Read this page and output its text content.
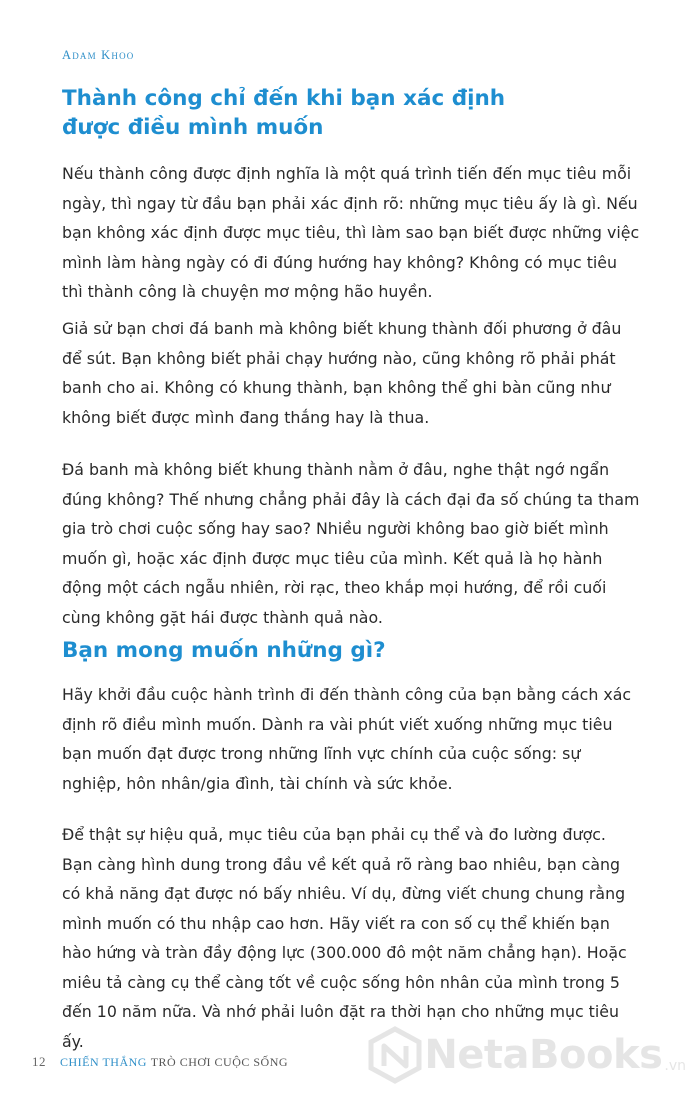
Adam Khoo
Thành công chỉ đến khi bạn xác định được điều mình muốn

Nếu thành công được định nghĩa là một quá trình tiến đến mục tiêu mỗi ngày, thì ngay từ đầu bạn phải xác định rõ: những mục tiêu ấy là gì. Nếu bạn không xác định được mục tiêu, thì làm sao bạn biết được những việc mình làm hàng ngày có đi đúng hướng hay không? Không có mục tiêu thì thành công là chuyện mơ mộng hão huyền.

Giả sử bạn chơi đá banh mà không biết khung thành đối phương ở đâu để sút. Bạn không biết phải chạy hướng nào, cũng không rõ phải phát banh cho ai. Không có khung thành, bạn không thể ghi bàn cũng như không biết được mình đang thắng hay là thua.

Đá banh mà không biết khung thành nằm ở đâu, nghe thật ngớ ngẩn đúng không? Thế nhưng chẳng phải đây là cách đại đa số chúng ta tham gia trò chơi cuộc sống hay sao? Nhiều người không bao giờ biết mình muốn gì, hoặc xác định được mục tiêu của mình. Kết quả là họ hành động một cách ngẫu nhiên, rời rạc, theo khắp mọi hướng, để rồi cuối cùng không gặt hái được thành quả nào.

Bạn mong muốn những gì?

Hãy khởi đầu cuộc hành trình đi đến thành công của bạn bằng cách xác định rõ điều mình muốn. Dành ra vài phút viết xuống những mục tiêu bạn muốn đạt được trong những lĩnh vực chính của cuộc sống: sự nghiệp, hôn nhân/gia đình, tài chính và sức khỏe.

Để thật sự hiệu quả, mục tiêu của bạn phải cụ thể và đo lường được. Bạn càng hình dung trong đầu về kết quả rõ ràng bao nhiêu, bạn càng có khả năng đạt được nó bấy nhiêu. Ví dụ, đừng viết chung chung rằng mình muốn có thu nhập cao hơn. Hãy viết ra con số cụ thể khiến bạn hào hứng và tràn đầy động lực (300.000 đô một năm chẳng hạn). Hoặc miêu tả càng cụ thể càng tốt về cuộc sống hôn nhân của mình trong 5 đến 10 năm nữa. Và nhớ phải luôn đặt ra thời hạn cho những mục tiêu ấy.

12 CHIẾN THẮNG TRÒ CHƠI CUỘC SỐNG	NetaBooks .vn
